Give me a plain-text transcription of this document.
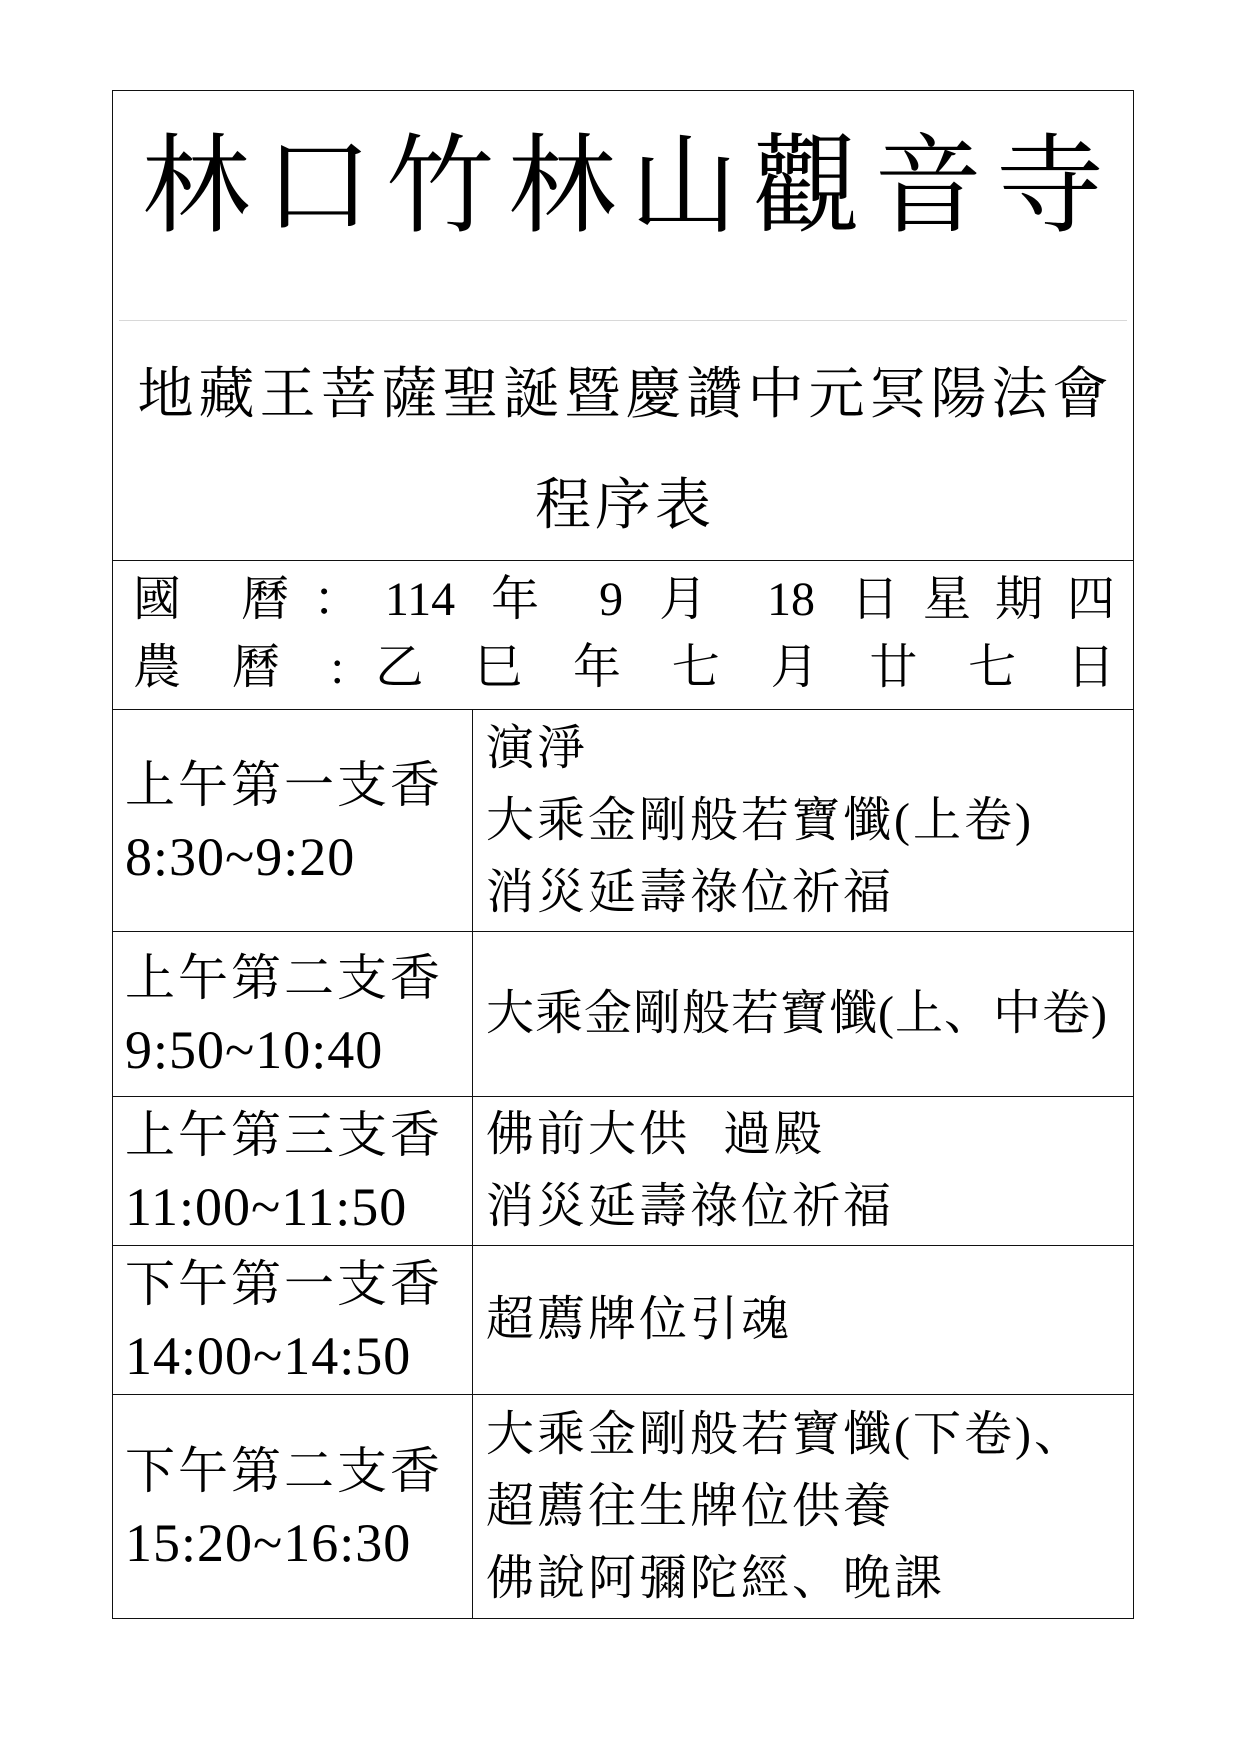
林口竹林山觀音寺
地藏王菩薩聖誕暨慶讚中元冥陽法會
程序表
國 曆：114 年 9 月 18 日星期四
農 曆 : 乙 巳 年 七 月 廿 七 日
上午第一支香
8:30~9:20
演淨
大乘金剛般若寶懺(上卷)
消災延壽祿位祈福
上午第二支香
9:50~10:40
大乘金剛般若寶懺(上、中卷)
上午第三支香
11:00~11:50
佛前大供 過殿
消災延壽祿位祈福
下午第一支香
14:00~14:50
超薦牌位引魂
下午第二支香
15:20~16:30
大乘金剛般若寶懺(下卷)、
超薦往生牌位供養
佛說阿彌陀經、晚課
